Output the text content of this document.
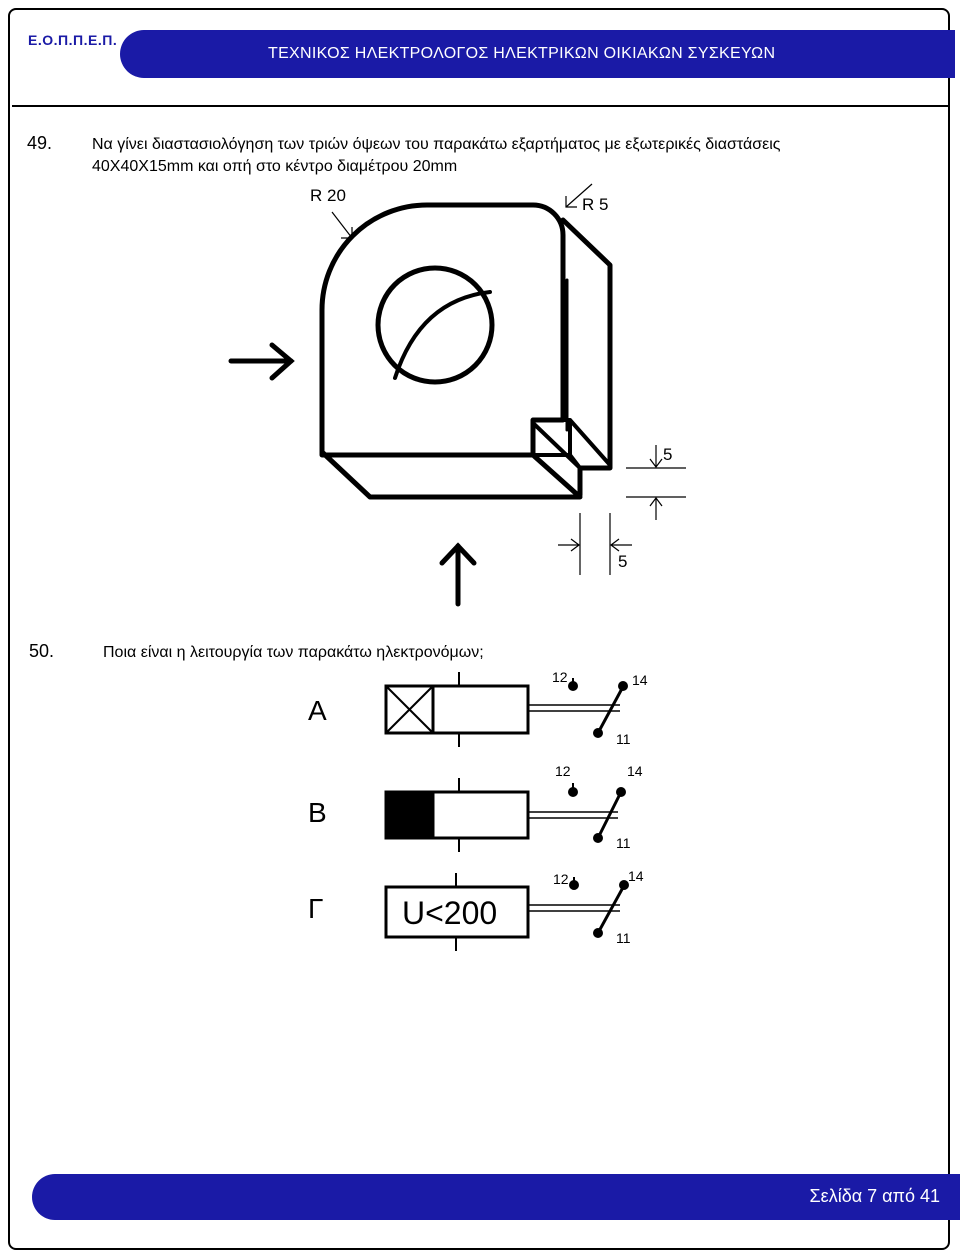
Ε.Ο.Π.Π.Ε.Π.
ΤΕΧΝΙΚΟΣ ΗΛΕΚΤΡΟΛΟΓΟΣ ΗΛΕΚΤΡΙΚΩΝ ΟΙΚΙΑΚΩΝ ΣΥΣΚΕΥΩΝ
49. Να γίνει διαστασιολόγηση των τριών όψεων του παρακάτω εξαρτήματος με εξωτερικές διαστάσεις
40Χ40Χ15mm και οπή στο κέντρο διαμέτρου 20mm
R 20	R 5
5
5
50.	Ποια είναι η λειτουργία των παρακάτω ηλεκτρονόμων;
Α
12	14
11
Β
12	14
11
Γ U<200
12	14
11
Σελίδα 7 από 41
